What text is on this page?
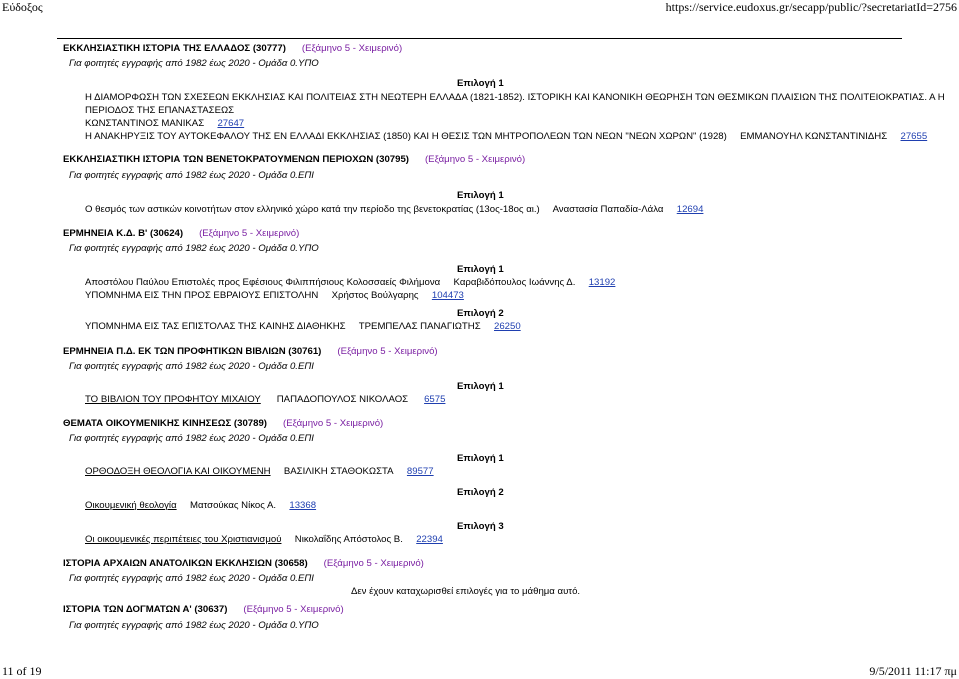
Εύδοξος	https://service.eudoxus.gr/secapp/public/?secretariatId=2756
ΕΚΚΛΗΣΙΑΣΤΙΚΗ ΙΣΤΟΡΙΑ ΤΗΣ ΕΛΛΑΔΟΣ (30777) (Εξάμηνο 5 - Χειμερινό)
Για φοιτητές εγγραφής από 1982 έως 2020 - Ομάδα 0.ΥΠΟ
Επιλογή 1
Η ΔΙΑΜΟΡΦΩΣΗ ΤΩΝ ΣΧΕΣΕΩΝ ΕΚΚΛΗΣΙΑΣ ΚΑΙ ΠΟΛΙΤΕΙΑΣ ΣΤΗ ΝΕΩΤΕΡΗ ΕΛΛΑΔΑ (1821-1852). ΙΣΤΟΡΙΚΗ ΚΑΙ ΚΑΝΟΝΙΚΗ ΘΕΩΡΗΣΗ ΤΩΝ ΘΕΣΜΙΚΩΝ ΠΛΑΙΣΙΩΝ ΤΗΣ ΠΟΛΙΤΕΙΟΚΡΑΤΙΑΣ. Α Η
ΠΕΡΙΟΔΟΣ ΤΗΣ ΕΠΑΝΑΣΤΑΣΕΩΣ
ΚΩΝΣΤΑΝΤΙΝΟΣ ΜΑΝΙΚΑΣ 27647
Η ΑΝΑΚΗΡΥΞΙΣ ΤΟΥ ΑΥΤΟΚΕΦΑΛΟΥ ΤΗΣ ΕΝ ΕΛΛΑΔΙ ΕΚΚΛΗΣΙΑΣ (1850) ΚΑΙ Η ΘΕΣΙΣ ΤΩΝ ΜΗΤΡΟΠΟΛΕΩΝ ΤΩΝ ΝΕΩΝ "ΝΕΩΝ ΧΩΡΩΝ" (1928) ΕΜΜΑΝΟΥΗΛ ΚΩΝΣΤΑΝΤΙΝΙΔΗΣ 27655
ΕΚΚΛΗΣΙΑΣΤΙΚΗ ΙΣΤΟΡΙΑ ΤΩΝ ΒΕΝΕΤΟΚΡΑΤΟΥΜΕΝΩΝ ΠΕΡΙΟΧΩΝ (30795) (Εξάμηνο 5 - Χειμερινό)
Για φοιτητές εγγραφής από 1982 έως 2020 - Ομάδα 0.ΕΠΙ
Επιλογή 1
Ο θεσμός των αστικών κοινοτήτων στον ελληνικό χώρο κατά την περίοδο της βενετοκρατίας (13ος-18ος αι.) Αναστασία Παπαδία-Λάλα 12694
ΕΡΜΗΝΕΙΑ Κ.Δ. Β' (30624) (Εξάμηνο 5 - Χειμερινό)
Για φοιτητές εγγραφής από 1982 έως 2020 - Ομάδα 0.ΥΠΟ
Επιλογή 1
Αποστόλου Παύλου Επιστολές προς Εφέσιους Φιλιππήσιους Κολοσσαείς Φιλήμονα Καραβιδόπουλος Ιωάννης Δ. 13192
ΥΠΟΜΝΗΜΑ ΕΙΣ ΤΗΝ ΠΡΟΣ ΕΒΡΑΙΟΥΣ ΕΠΙΣΤΟΛΗΝ Χρήστος Βούλγαρης 104473
Επιλογή 2
ΥΠΟΜΝΗΜΑ ΕΙΣ ΤΑΣ ΕΠΙΣΤΟΛΑΣ ΤΗΣ ΚΑΙΝΗΣ ΔΙΑΘΗΚΗΣ ΤΡΕΜΠΕΛΑΣ ΠΑΝΑΓΙΩΤΗΣ 26250
ΕΡΜΗΝΕΙΑ Π.Δ. ΕΚ ΤΩΝ ΠΡΟΦΗΤΙΚΩΝ ΒΙΒΛΙΩΝ (30761) (Εξάμηνο 5 - Χειμερινό)
Για φοιτητές εγγραφής από 1982 έως 2020 - Ομάδα 0.ΕΠΙ
Επιλογή 1
ΤΟ ΒΙΒΛΙΟΝ ΤΟΥ ΠΡΟΦΗΤΟΥ ΜΙΧΑΙΟΥ ΠΑΠΑΔΟΠΟΥΛΟΣ ΝΙΚΟΛΑΟΣ 6575
ΘΕΜΑΤΑ ΟΙΚΟΥΜΕΝΙΚΗΣ ΚΙΝΗΣΕΩΣ (30789) (Εξάμηνο 5 - Χειμερινό)
Για φοιτητές εγγραφής από 1982 έως 2020 - Ομάδα 0.ΕΠΙ
Επιλογή 1
ΟΡΘΟΔΟΞΗ ΘΕΟΛΟΓΙΑ ΚΑΙ ΟΙΚΟΥΜΕΝΗ ΒΑΣΙΛΙΚΗ ΣΤΑΘΟΚΩΣΤΑ 89577
Επιλογή 2
Οικουμενική θεολογία Ματσούκας Νίκος Α. 13368
Επιλογή 3
Οι οικουμενικές περιπέτειες του Χριστιανισμού Νικολαΐδης Απόστολος Β. 22394
ΙΣΤΟΡΙΑ ΑΡΧΑΙΩΝ ΑΝΑΤΟΛΙΚΩΝ ΕΚΚΛΗΣΙΩΝ (30658) (Εξάμηνο 5 - Χειμερινό)
Για φοιτητές εγγραφής από 1982 έως 2020 - Ομάδα 0.ΕΠΙ
Δεν έχουν καταχωρισθεί επιλογές για το μάθημα αυτό.
ΙΣΤΟΡΙΑ ΤΩΝ ΔΟΓΜΑΤΩΝ Α' (30637) (Εξάμηνο 5 - Χειμερινό)
Για φοιτητές εγγραφής από 1982 έως 2020 - Ομάδα 0.ΥΠΟ
11 of 19	9/5/2011 11:17 πμ
